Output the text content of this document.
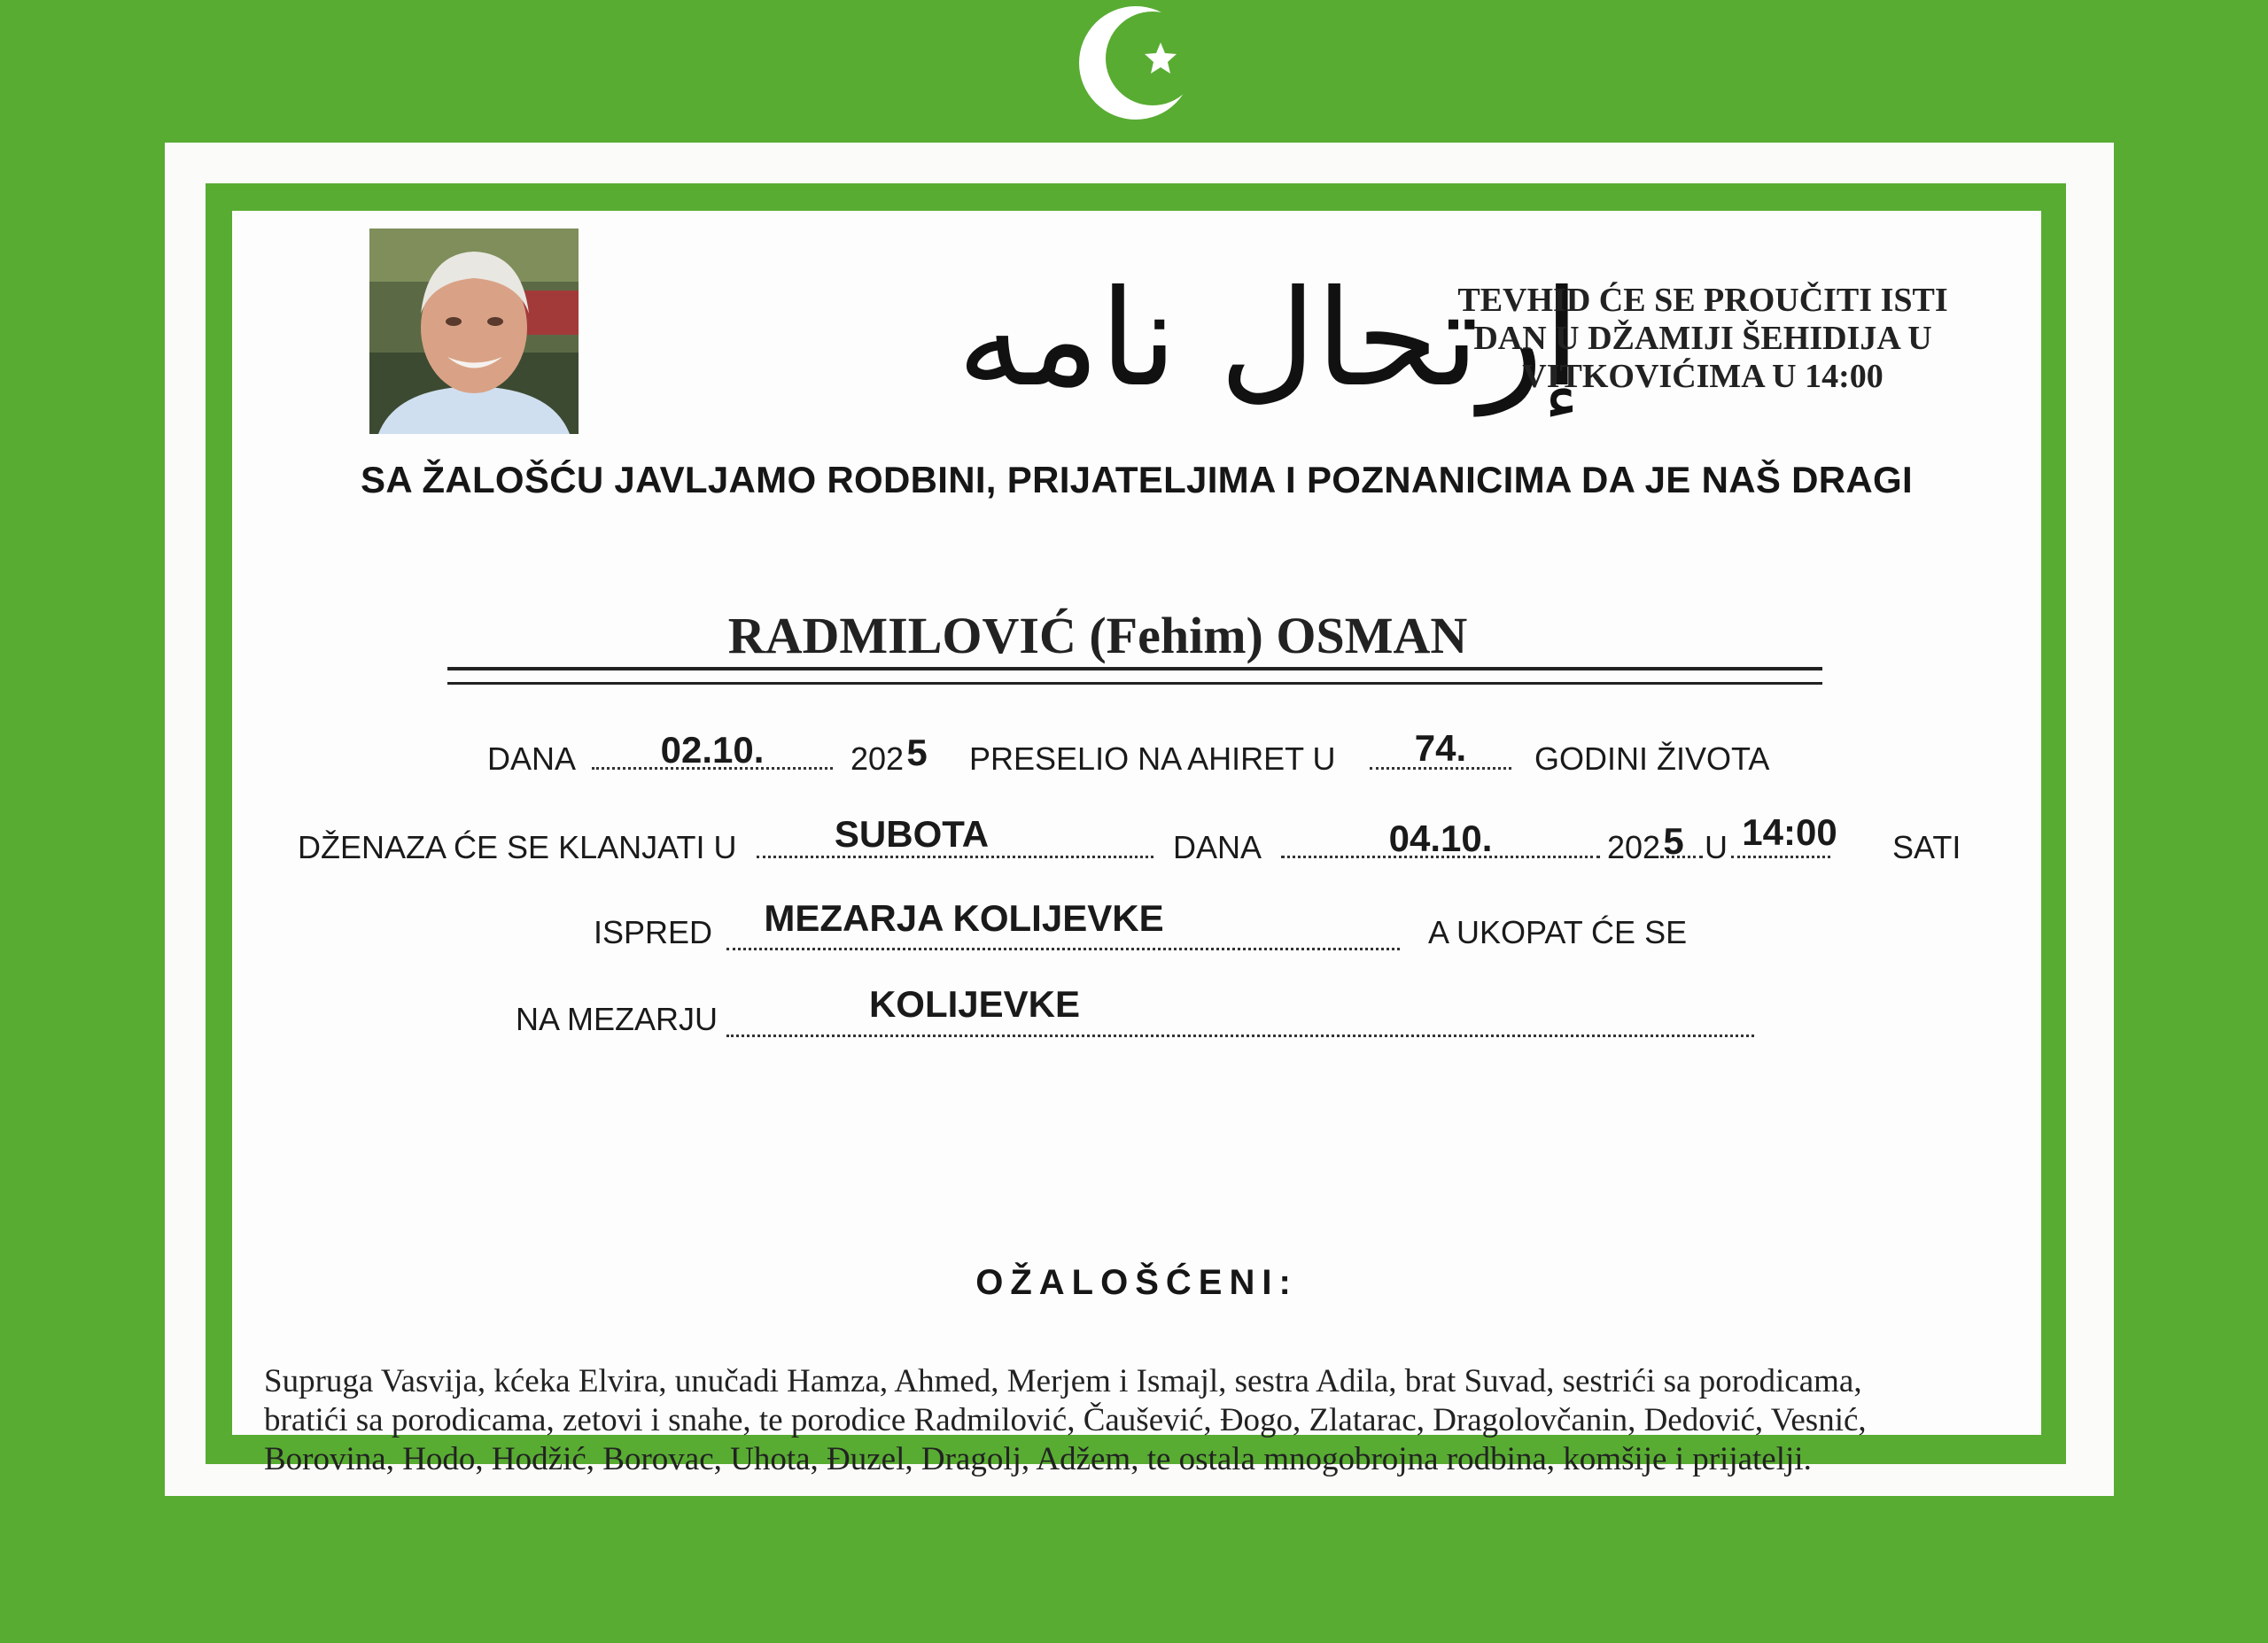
إرتحال نامه
TEVHID ĆE SE PROUČITI ISTI
DAN U DŽAMIJI ŠEHIDIJA U
VITKOVIĆIMA U 14:00
SA ŽALOŠĆU JAVLJAMO RODBINI, PRIJATELJIMA I POZNANICIMA DA JE NAŠ DRAGI
RADMILOVIĆ (Fehim) OSMAN
DANA	02.10.	202 5 PRESELIO NA AHIRET U	74.	GODINI ŽIVOTA
DŽENAZA ĆE SE KLANJATI U	SUBOTA	DANA	04.10.	202 5 U 14:00	SATI
ISPRED	MEZARJA KOLIJEVKE	A UKOPAT ĆE SE
NA MEZARJU	KOLIJEVKE
OŽALOŠĆENI:
Supruga Vasvija, kćeka Elvira, unučadi Hamza, Ahmed, Merjem i Ismajl, sestra Adila, brat Suvad, sestrići sa porodicama,
bratići sa porodicama, zetovi i snahe, te porodice Radmilović, Čaušević, Đogo, Zlatarac, Dragolovčanin, Dedović, Vesnić,
Borovina, Hodo, Hodžić, Borovac, Uhota, Đuzel, Dragolj, Adžem, te ostala mnogobrojna rodbina, komšije i prijatelji.
